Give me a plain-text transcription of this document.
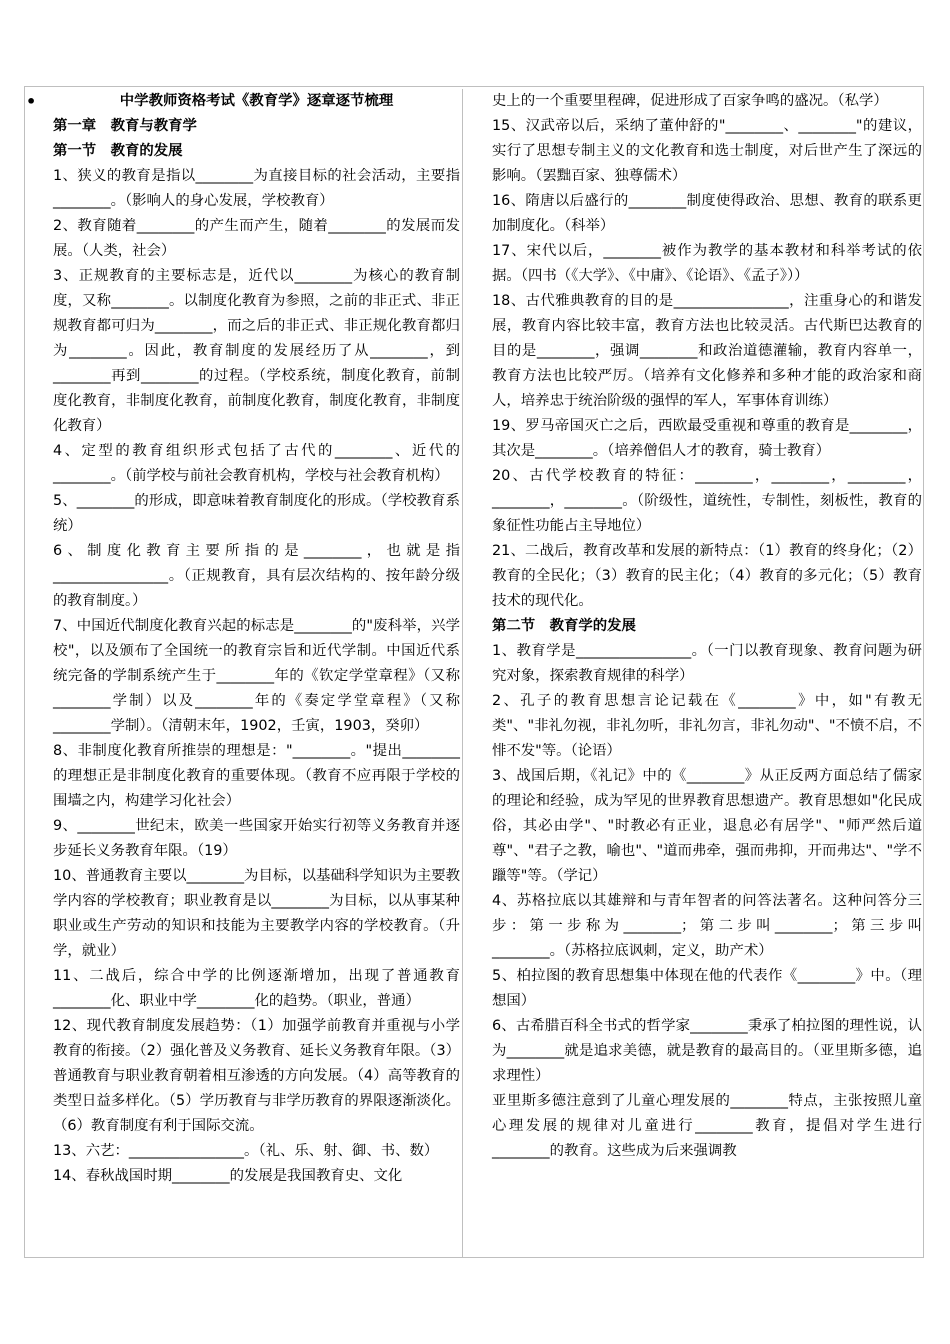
•	中学教师资格考试《教育学》逐章逐节梳理

第一章　教育与教育学

第一节　教育的发展

1、狭义的教育是指以________为直接目标的社会活动，主要指________。（影响人的身心发展，学校教育）

2、教育随着________的产生而产生，随着________的发展而发展。（人类，社会）

3、正规教育的主要标志是，近代以________为核心的教育制度，又称________。以制度化教育为参照，之前的非正式、非正规教育都可归为________，而之后的非正式、非正规化教育都归为________。因此，教育制度的发展经历了从________，到________再到________的过程。（学校系统，制度化教育，前制度化教育，非制度化教育，前制度化教育，制度化教育，非制度化教育）

4、定型的教育组织形式包括了古代的________、近代的________。（前学校与前社会教育机构，学校与社会教育机构）

5、________的形成，即意味着教育制度化的形成。（学校教育系统）

6、制度化教育主要所指的是________，也就是指________________。（正规教育，具有层次结构的、按年龄分级的教育制度。）

7、中国近代制度化教育兴起的标志是________的"废科举，兴学校"，以及颁布了全国统一的教育宗旨和近代学制。中国近代系统完备的学制系统产生于________年的《钦定学堂章程》（又称________学制）以及________年的《奏定学堂章程》（又称________学制）。（清朝末年，1902，壬寅，1903，癸卯）

8、非制度化教育所推崇的理想是："________。"提出________的理想正是非制度化教育的重要体现。（教育不应再限于学校的围墙之内，构建学习化社会）

9、________世纪末，欧美一些国家开始实行初等义务教育并逐步延长义务教育年限。（19）

10、普通教育主要以________为目标，以基础科学知识为主要教学内容的学校教育；职业教育是以________为目标，以从事某种职业或生产劳动的知识和技能为主要教学内容的学校教育。（升学，就业）

11、二战后，综合中学的比例逐渐增加，出现了普通教育________化、职业中学________化的趋势。（职业，普通）

12、现代教育制度发展趋势：（1）加强学前教育并重视与小学教育的衔接。（2）强化普及义务教育、延长义务教育年限。（3）普通教育与职业教育朝着相互渗透的方向发展。（4）高等教育的类型日益多样化。（5）学历教育与非学历教育的界限逐渐淡化。（6）教育制度有利于国际交流。

13、六艺：________________。（礼、乐、射、御、书、数）

14、春秋战国时期________的发展是我国教育史、文化

史上的一个重要里程碑，促进形成了百家争鸣的盛况。（私学）

15、汉武帝以后，采纳了董仲舒的"________、________"的建议，实行了思想专制主义的文化教育和选士制度，对后世产生了深远的影响。（罢黜百家、独尊儒术）

16、隋唐以后盛行的________制度使得政治、思想、教育的联系更加制度化。（科举）

17、宋代以后，________被作为教学的基本教材和科举考试的依据。（四书（《大学》、《中庸》、《论语》、《孟子》））

18、古代雅典教育的目的是________________，注重身心的和谐发展，教育内容比较丰富，教育方法也比较灵活。古代斯巴达教育的目的是________，强调________和政治道德灌输，教育内容单一，教育方法也比较严厉。（培养有文化修养和多种才能的政治家和商人，培养忠于统治阶级的强悍的军人，军事体育训练）

19、罗马帝国灭亡之后，西欧最受重视和尊重的教育是________，其次是________。（培养僧侣人才的教育，骑士教育）

20、古代学校教育的特征：________，________，________，________，________。（阶级性，道统性，专制性，刻板性，教育的象征性功能占主导地位）

21、二战后，教育改革和发展的新特点：（1）教育的终身化；（2）教育的全民化；（3）教育的民主化；（4）教育的多元化；（5）教育技术的现代化。

第二节　教育学的发展

1、教育学是________________。（一门以教育现象、教育问题为研究对象，探索教育规律的科学）

2、孔子的教育思想言论记载在《________》中，如"有教无类"、"非礼勿视，非礼勿听，非礼勿言，非礼勿动"、"不愤不启，不悱不发"等。（论语）

3、战国后期，《礼记》中的《________》从正反两方面总结了儒家的理论和经验，成为罕见的世界教育思想遗产。教育思想如"化民成俗，其必由学"、"时教必有正业，退息必有居学"、"师严然后道尊"、"君子之教，喻也"、"道而弗牵，强而弗抑，开而弗达"、"学不躐等"等。（学记）

4、苏格拉底以其雄辩和与青年智者的问答法著名。这种问答分三步：第一步称为________；第二步叫________；第三步叫________。（苏格拉底讽刺，定义，助产术）

5、柏拉图的教育思想集中体现在他的代表作《________》中。（理想国）

6、古希腊百科全书式的哲学家________秉承了柏拉图的理性说，认为________就是追求美德，就是教育的最高目的。（亚里斯多德，追求理性）

亚里斯多德注意到了儿童心理发展的________特点，主张按照儿童心理发展的规律对儿童进行________教育，提倡对学生进行________的教育。这些成为后来强调教
